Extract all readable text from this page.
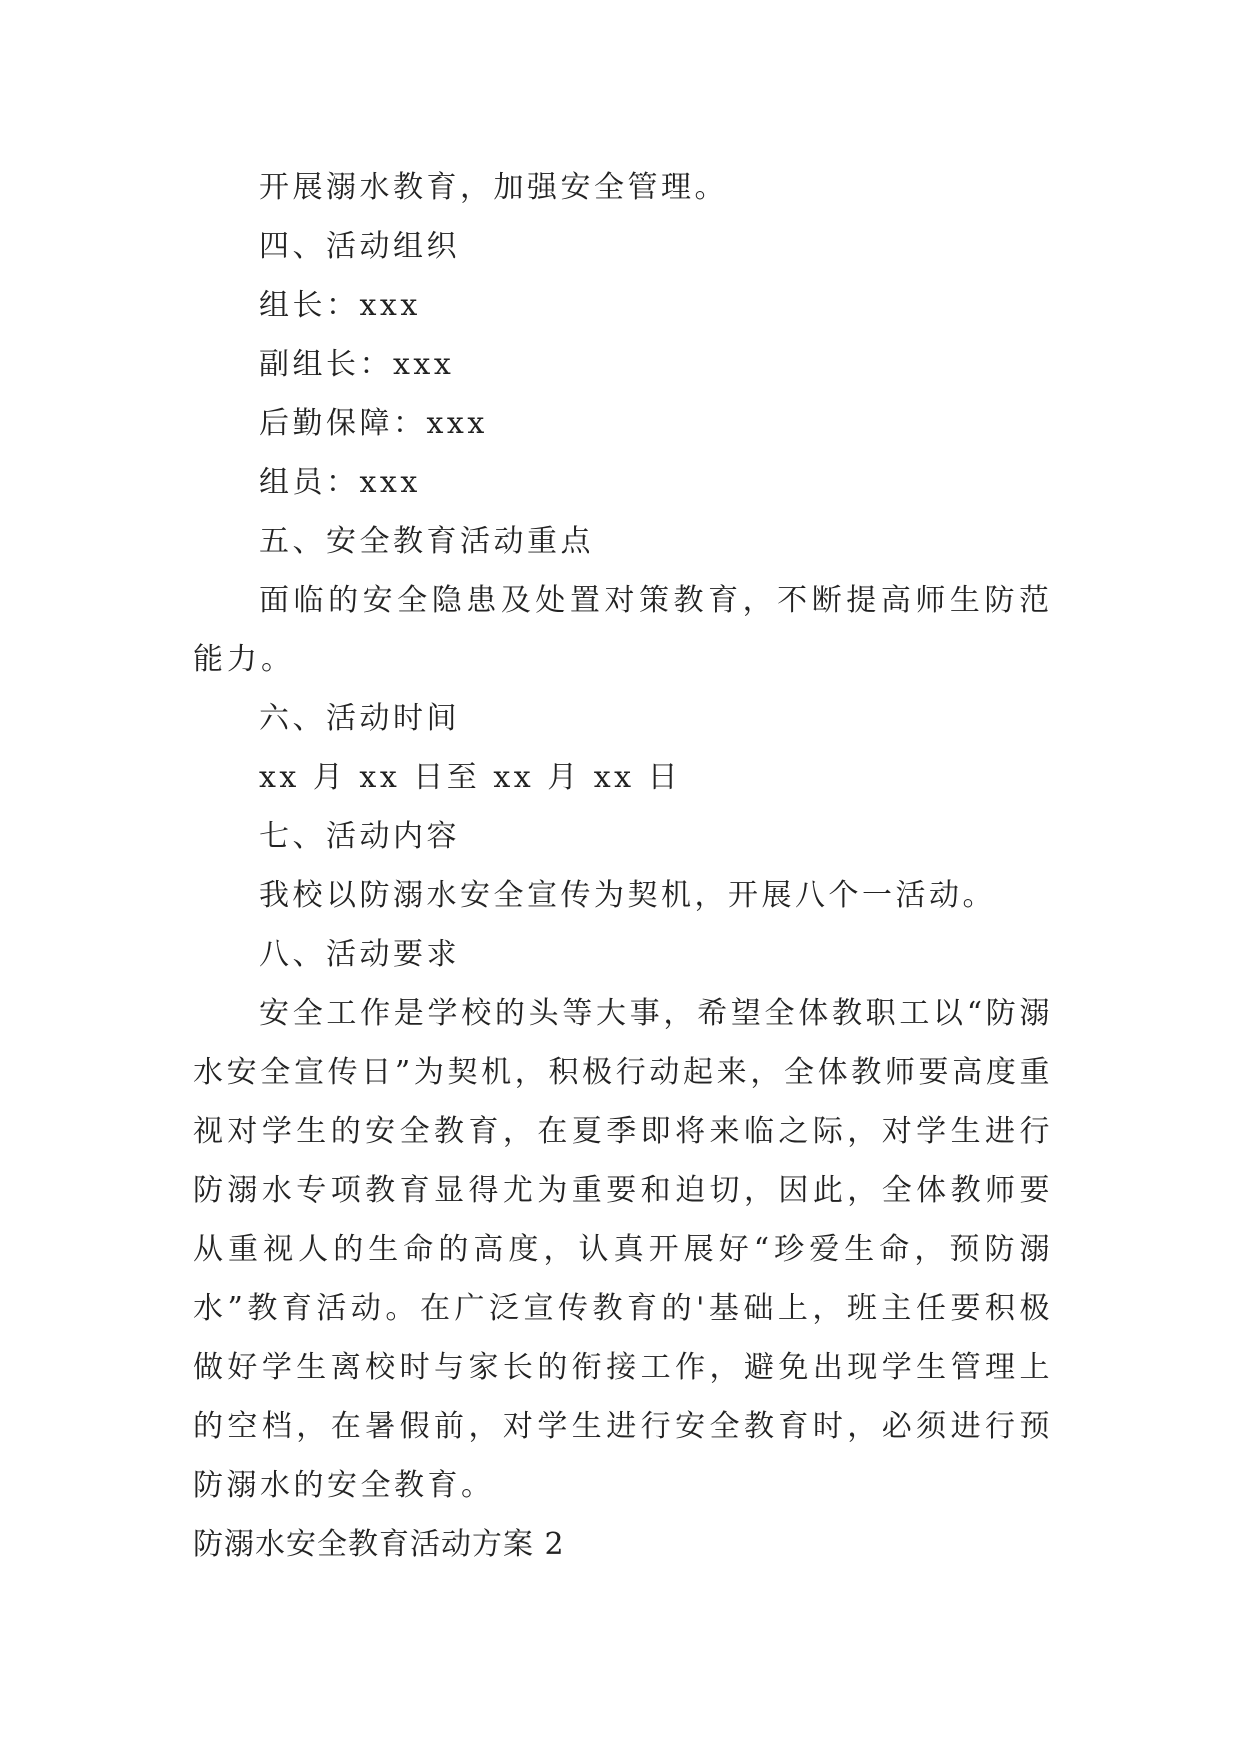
开展溺水教育，加强安全管理。
四、活动组织
组长：xxx
副组长：xxx
后勤保障：xxx
组员：xxx
五、安全教育活动重点
面临的安全隐患及处置对策教育，不断提高师生防范能力。
六、活动时间
xx 月 xx 日至 xx 月 xx 日
七、活动内容
我校以防溺水安全宣传为契机，开展八个一活动。
八、活动要求
安全工作是学校的头等大事，希望全体教职工以“防溺水安全宣传日”为契机，积极行动起来，全体教师要高度重视对学生的安全教育，在夏季即将来临之际，对学生进行防溺水专项教育显得尤为重要和迫切，因此，全体教师要从重视人的生命的高度，认真开展好“珍爱生命，预防溺水”教育活动。在广泛宣传教育的'基础上，班主任要积极做好学生离校时与家长的衔接工作，避免出现学生管理上的空档，在暑假前，对学生进行安全教育时，必须进行预防溺水的安全教育。
防溺水安全教育活动方案 2
